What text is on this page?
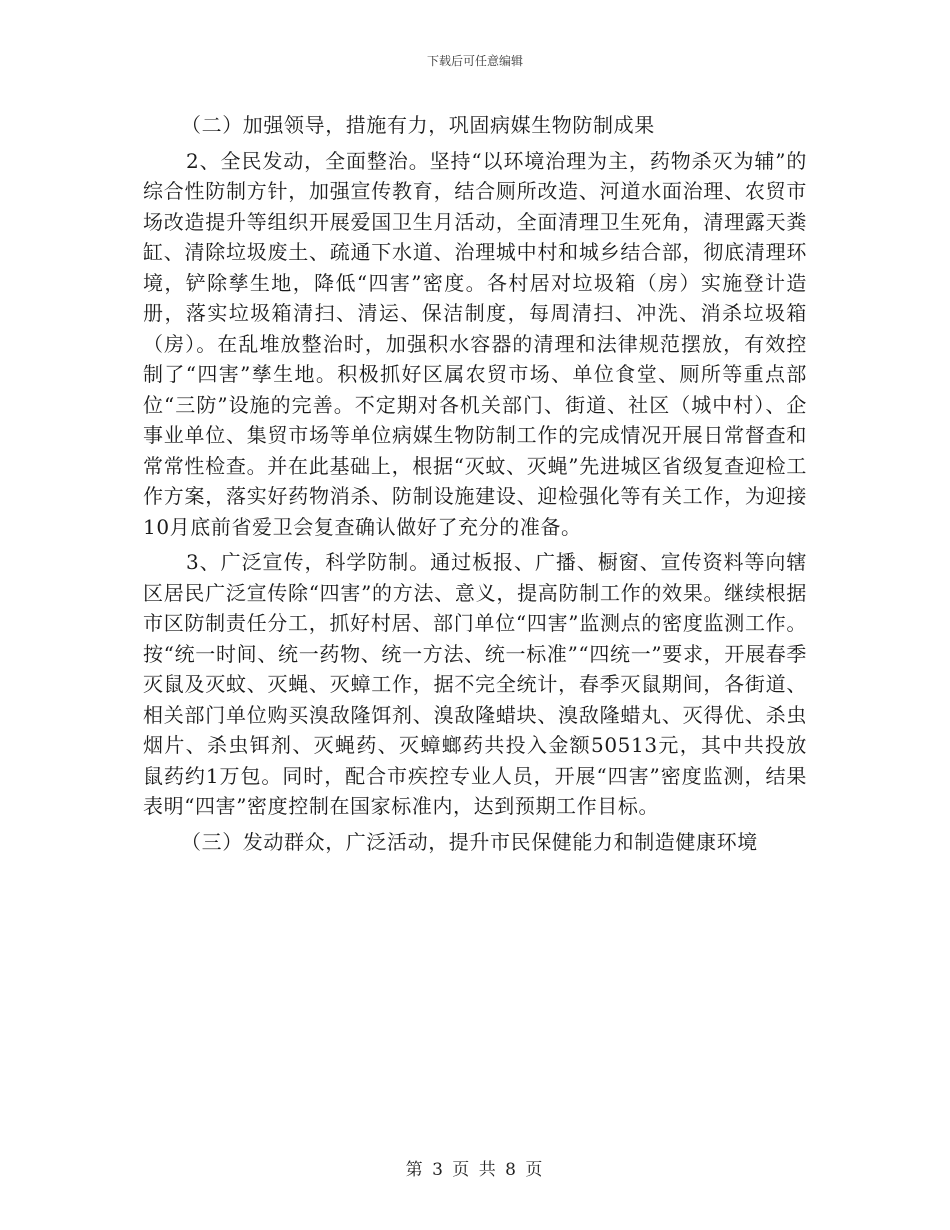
下载后可任意编辑

（二）加强领导，措施有力，巩固病媒生物防制成果

2、全民发动，全面整治。坚持“以环境治理为主，药物杀灭为辅”的综合性防制方针，加强宣传教育，结合厕所改造、河道水面治理、农贸市场改造提升等组织开展爱国卫生月活动，全面清理卫生死角，清理露天粪缸、清除垃圾废土、疏通下水道、治理城中村和城乡结合部，彻底清理环境，铲除孳生地，降低“四害”密度。各村居对垃圾箱（房）实施登计造册，落实垃圾箱清扫、清运、保洁制度，每周清扫、冲洗、消杀垃圾箱（房）。在乱堆放整治时，加强积水容器的清理和法律规范摆放，有效控制了“四害”孳生地。积极抓好区属农贸市场、单位食堂、厕所等重点部位“三防”设施的完善。不定期对各机关部门、街道、社区（城中村）、企事业单位、集贸市场等单位病媒生物防制工作的完成情况开展日常督查和常常性检查。并在此基础上，根据“灭蚊、灭蝇”先进城区省级复查迎检工作方案，落实好药物消杀、防制设施建设、迎检强化等有关工作，为迎接10月底前省爱卫会复查确认做好了充分的准备。

3、广泛宣传，科学防制。通过板报、广播、橱窗、宣传资料等向辖区居民广泛宣传除“四害”的方法、意义，提高防制工作的效果。继续根据市区防制责任分工，抓好村居、部门单位“四害”监测点的密度监测工作。按“统一时间、统一药物、统一方法、统一标准”“四统一”要求，开展春季灭鼠及灭蚊、灭蝇、灭蟑工作，据不完全统计，春季灭鼠期间，各街道、相关部门单位购买溴敌隆饵剂、溴敌隆蜡块、溴敌隆蜡丸、灭得优、杀虫烟片、杀虫铒剂、灭蝇药、灭蟑螂药共投入金额50513元，其中共投放鼠药约1万包。同时，配合市疾控专业人员，开展“四害”密度监测，结果表明“四害”密度控制在国家标准内，达到预期工作目标。

（三）发动群众，广泛活动，提升市民保健能力和制造健康环境

第 3 页 共 8 页
